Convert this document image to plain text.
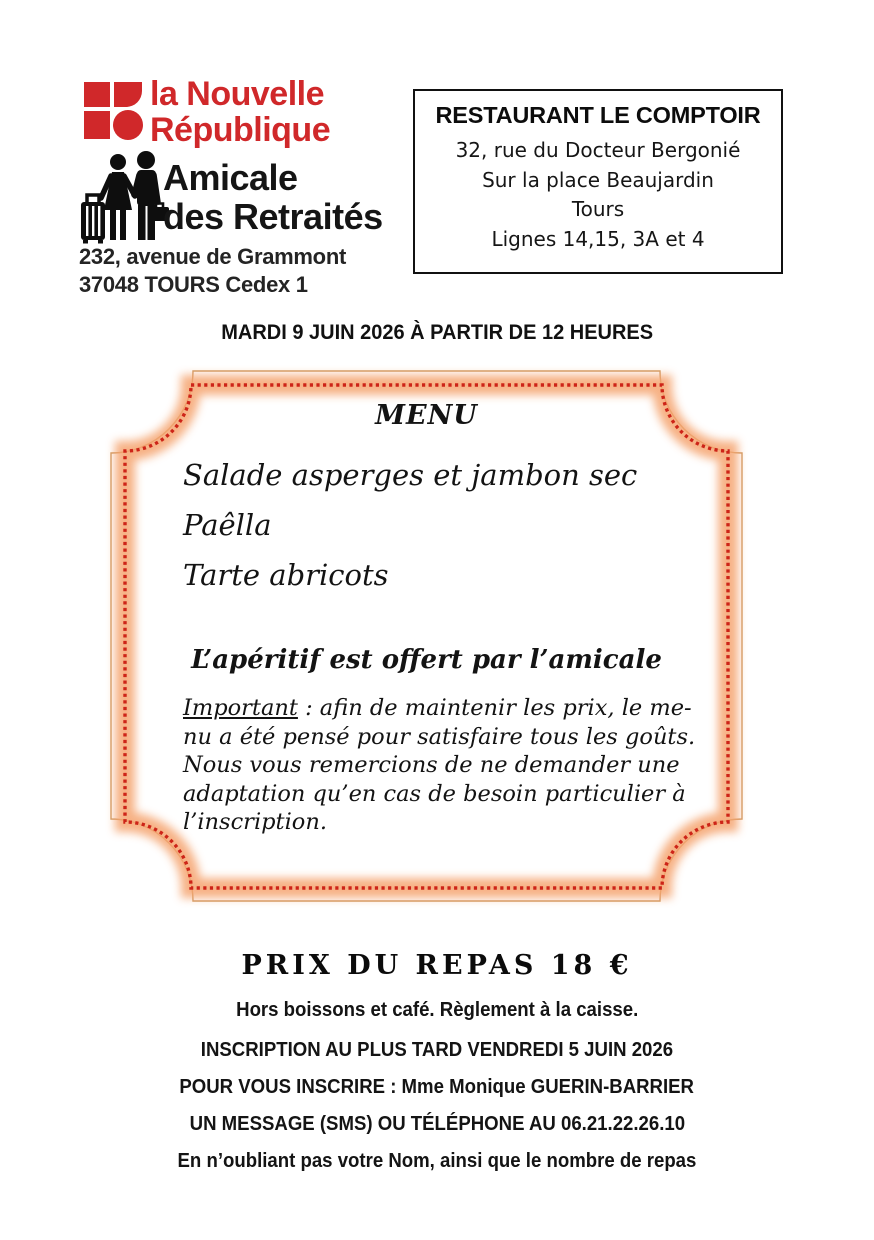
la Nouvelle
République
Amicale
des Retraités
232, avenue de Grammont
37048 TOURS Cedex 1
RESTAURANT LE COMPTOIR
32, rue du Docteur Bergonié
Sur la place Beaujardin
Tours
Lignes 14,15, 3A et 4
MARDI 9 JUIN 2026 À PARTIR DE 12 HEURES
MENU
Salade asperges et jambon sec
Paêlla
Tarte abricots
L’apéritif est offert par l’amicale
Important : afin de maintenir les prix, le me-
nu a été pensé pour satisfaire tous les goûts.
Nous vous remercions de ne demander une
adaptation qu’en cas de besoin particulier à
l’inscription.
PRIX DU REPAS 18 €
Hors boissons et café. Règlement à la caisse.
INSCRIPTION AU PLUS TARD VENDREDI 5 JUIN 2026
POUR VOUS INSCRIRE : Mme Monique GUERIN-BARRIER
UN MESSAGE (SMS) OU TÉLÉPHONE AU 06.21.22.26.10
En n’oubliant pas votre Nom, ainsi que le nombre de repas
